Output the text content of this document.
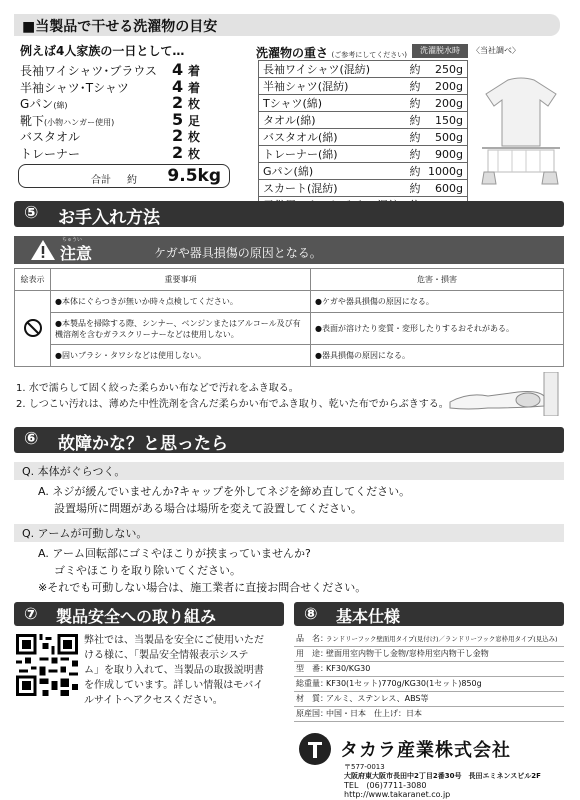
■当製品で干せる洗濯物の目安
例えば4人家族の一日として…
長袖ワイシャツ･ブラウス 4 着
半袖シャツ･Tシャツ	4 着
Gパン(綿)	2 枚
靴下(小物ハンガー使用)	5 足
バスタオル	2 枚
トレーナー	2 枚
合計 約 9.5kg
洗濯物の重さ (ご参考にしてください)	洗濯脱水時	〈当社調べ〉
長袖ワイシャツ(混紡)	約	250g
半袖シャツ(混紡)	約	200g
Tシャツ(綿)	約	200g
タオル(綿)	約	150g
バスタオル(綿)	約	500g
トレーナー(綿)	約	900g
Gパン(綿)	約	1000g
スカート(混紡)	約	600g

⑤ お手入れ方法
ちゅうい
注意	ケガや器具損傷の原因となる。
絵表示	重要事項	危害・損害
	●本体にぐらつきが無いか時々点検してください。	●ケガや器具損傷の原因になる。
	●本製品を掃除する際、シンナー、ベンジンまたはアルコール及び有機溶剤を含むガラスクリーナーなどは使用しない。	●表面が溶けたり変質・変形したりするおそれがある。
	●固いブラシ・タワシなどは使用しない。	●器具損傷の原因になる。
1. 水で濡らして固く絞った柔らかい布などで汚れをふき取る。
2. しつこい汚れは、薄めた中性洗剤を含んだ柔らかい布でふき取り、乾いた布でからぶきする。
⑥ 故障かな？と思ったら
Q. 本体がぐらつく。
A. ネジが緩んでいませんか?キャップを外してネジを締め直してください。
設置場所に問題がある場合は場所を変えて設置してください。
Q. アームが可動しない。
A. アーム回転部にゴミやほこりが挟まっていませんか?
ゴミやほこりを取り除いてください。
※それでも可動しない場合は、施工業者に直接お問合せください。
⑦ 製品安全への取り組み
弊社では、当製品を安全にご使用いただ
ける様に、「製品安全情報表示システ
ム」を取り入れて、当製品の取扱説明書
を作成しています。詳しい情報はモバイ
ルサイトへアクセスください。
⑧ 基本仕様
品　名 ：
ランドリーフック壁面用タイプ(見付け)／ランドリーフック窓枠用タイプ(見込み)
用　途 ：
壁面用室内物干し金物/窓枠用室内物干し金物
型　番 ：
KF30/KG30
総重量 ：
KF30(1セット)770g/KG30(1セット)850g
材　質 ：
アルミ、ステンレス、ABS等
原産国 ：
中国・日本　仕上げ：日本
タカラ産業株式会社
〒577-0013
大阪府東大阪市長田中2丁目2番30号　長田エミネンスビル2F
TEL　(06)7711-3080
http://www.takaranet.co.jp
